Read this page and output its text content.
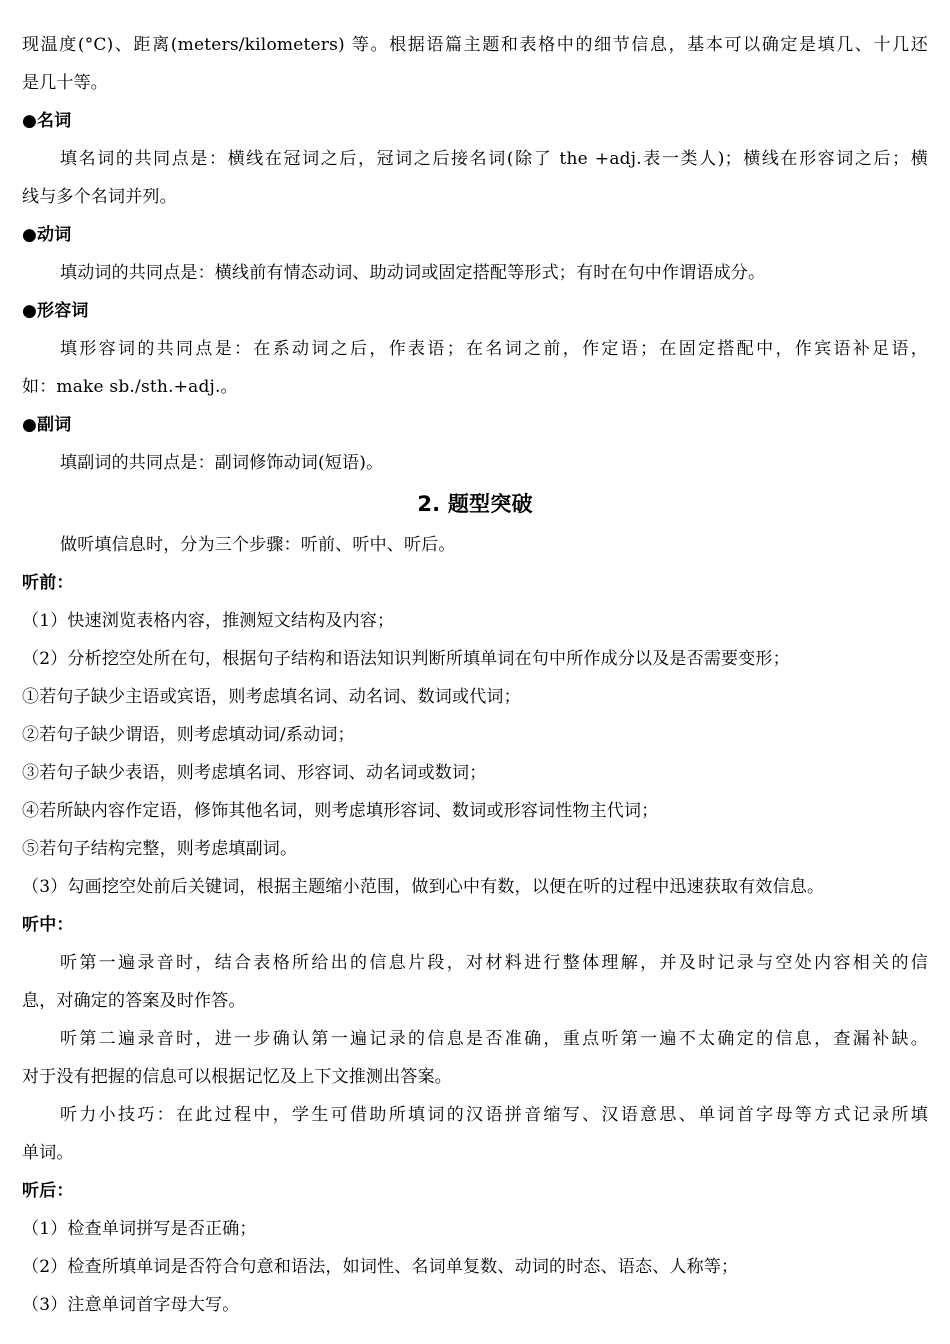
现温度(°C)、距离(meters/kilometers) 等。根据语篇主题和表格中的细节信息，基本可以确定是填几、十几还
是几十等。
●名词
填名词的共同点是：横线在冠词之后，冠词之后接名词(除了 the +adj.表一类人)；横线在形容词之后；横
线与多个名词并列。
●动词
填动词的共同点是：横线前有情态动词、助动词或固定搭配等形式；有时在句中作谓语成分。
●形容词
填形容词的共同点是：在系动词之后，作表语；在名词之前，作定语；在固定搭配中，作宾语补足语，
如：make sb./sth.+adj.。
●副词
填副词的共同点是：副词修饰动词(短语)。
2. 题型突破
做听填信息时，分为三个步骤：听前、听中、听后。
听前：
（1）快速浏览表格内容，推测短文结构及内容；
（2）分析挖空处所在句，根据句子结构和语法知识判断所填单词在句中所作成分以及是否需要变形；
①若句子缺少主语或宾语，则考虑填名词、动名词、数词或代词；
②若句子缺少谓语，则考虑填动词/系动词；
③若句子缺少表语，则考虑填名词、形容词、动名词或数词；
④若所缺内容作定语，修饰其他名词，则考虑填形容词、数词或形容词性物主代词；
⑤若句子结构完整，则考虑填副词。
（3）勾画挖空处前后关键词，根据主题缩小范围，做到心中有数，以便在听的过程中迅速获取有效信息。
听中：
听第一遍录音时，结合表格所给出的信息片段，对材料进行整体理解，并及时记录与空处内容相关的信
息，对确定的答案及时作答。
听第二遍录音时，进一步确认第一遍记录的信息是否准确，重点听第一遍不太确定的信息，查漏补缺。
对于没有把握的信息可以根据记忆及上下文推测出答案。
听力小技巧：在此过程中，学生可借助所填词的汉语拼音缩写、汉语意思、单词首字母等方式记录所填
单词。
听后：
（1）检查单词拼写是否正确；
（2）检查所填单词是否符合句意和语法，如词性、名词单复数、动词的时态、语态、人称等；
（3）注意单词首字母大写。
